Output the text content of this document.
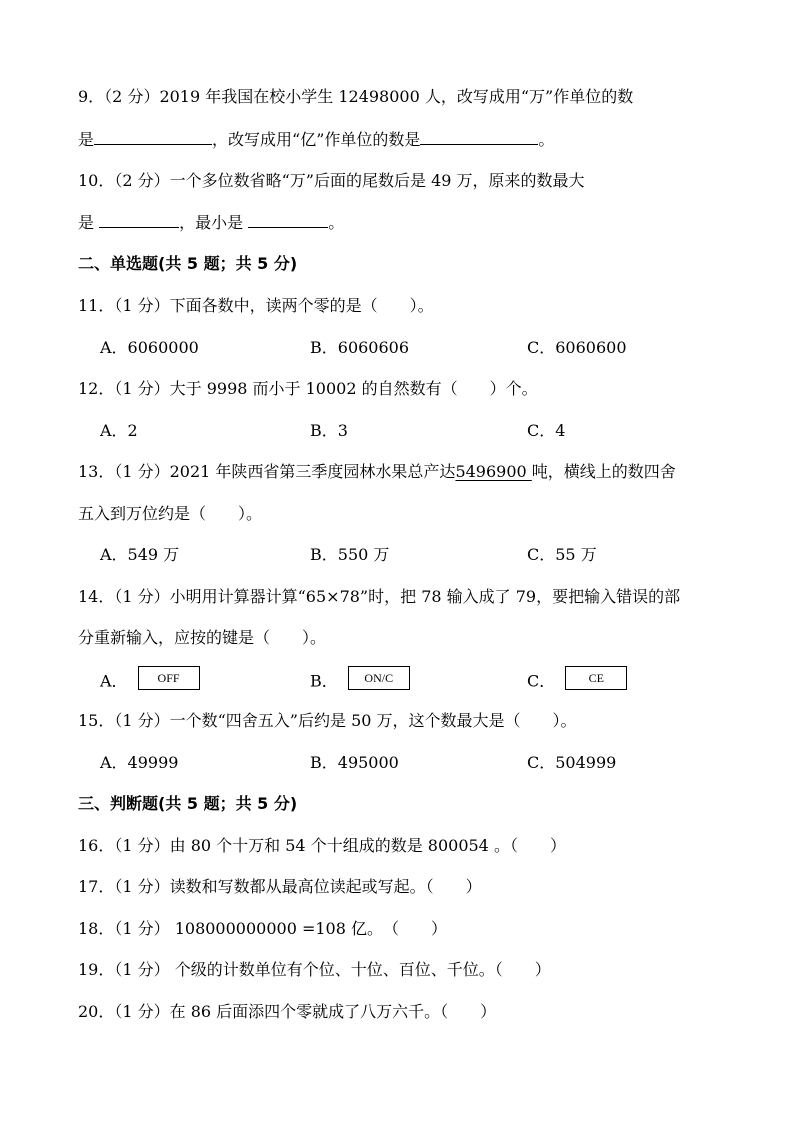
9．（2 分）2019 年我国在校小学生 12498000 人，改写成用“万”作单位的数
是	，改写成用“亿”作单位的数是	。
10．（2 分）一个多位数省略“万”后面的尾数后是 49 万，原来的数最大
是	，最小是	。
二、单选题(共 5 题；共 5 分)
11．（1 分）下面各数中，读两个零的是（　　）。
A．6060000	B．6060606	C．6060600
12．（1 分）大于 9998 而小于 10002 的自然数有（　　）个。
A．2	B．3	C．4
13．（1 分）2021 年陕西省第三季度园林水果总产达5496900 吨，横线上的数四舍
五入到万位约是（　　）。
A．549 万	B．550 万	C．55 万
14．（1 分）小明用计算器计算“65×78”时，把 78 输入成了 79，要把输入错误的部
分重新输入，应按的键是（　　）。
A． OFF	B． ON/C	C．	CE
15．（1 分）一个数“四舍五入”后约是 50 万，这个数最大是（　　）。
A．49999	B．495000	C．504999
三、判断题(共 5 题；共 5 分)
16．（1 分）由 80 个十万和 54 个十组成的数是 800054 。（　　）
17．（1 分）读数和写数都从最高位读起或写起。（　　）
18．（1 分） 108000000000 =108 亿。　（　　）
19．（1 分） 个级的计数单位有个位、十位、百位、千位。（　　）
20．（1 分）在 86 后面添四个零就成了八万六千。（　　）
